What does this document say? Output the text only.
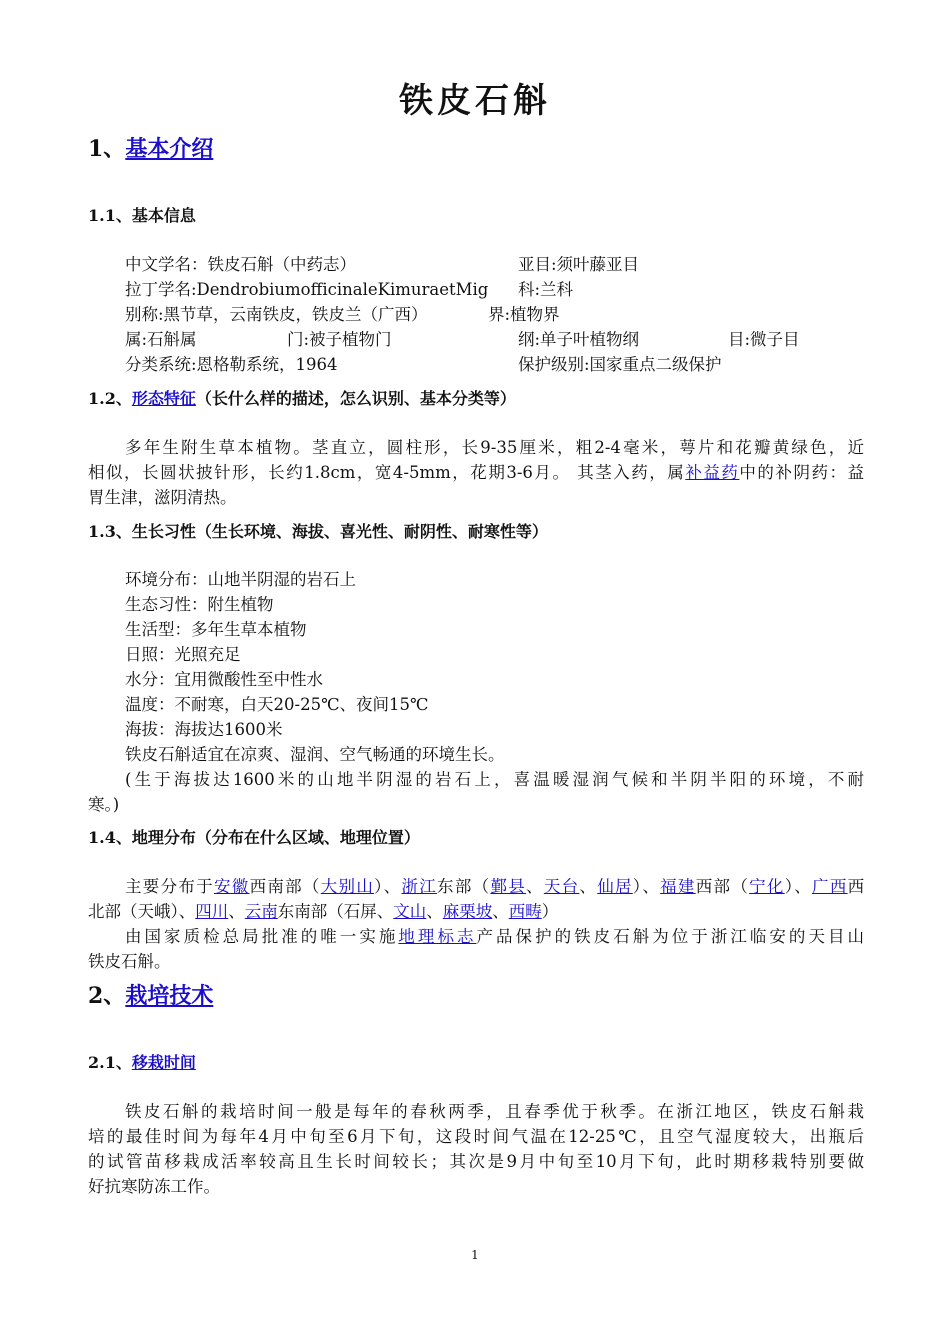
铁皮石斛
1、基本介绍
1.1、基本信息
中文学名：铁皮石斛（中药志）	亚目:须叶藤亚目
拉丁学名:DendrobiumofficinaleKimuraetMig 科:兰科
别称:黑节草，云南铁皮，铁皮兰（广西）	界:植物界
属:石斛属	门:被子植物门	纲:单子叶植物纲	目:微子目
分类系统:恩格勒系统，1964	保护级别:国家重点二级保护
1.2、形态特征（长什么样的描述，怎么识别、基本分类等）
多年生附生草本植物。茎直立，圆柱形，长9-35厘米，粗2-4毫米，萼片和花瓣黄绿色，近
相似，长圆状披针形，长约1.8cm，宽4-5mm，花期3-6月。 其茎入药，属补益药中的补阴药：益
胃生津，滋阴清热。
1.3、生长习性（生长环境、海拔、喜光性、耐阴性、耐寒性等）
环境分布：山地半阴湿的岩石上
生态习性：附生植物
生活型：多年生草本植物
日照：光照充足
水分：宜用微酸性至中性水
温度：不耐寒，白天20-25℃、夜间15℃
海拔：海拔达1600米
铁皮石斛适宜在凉爽、湿润、空气畅通的环境生长。
(生于海拔达1600米的山地半阴湿的岩石上，喜温暖湿润气候和半阴半阳的环境，不耐
寒。)
1.4、地理分布（分布在什么区域、地理位置）
主要分布于安徽西南部（大别山）、浙江东部（鄞县、天台、仙居）、福建西部（宁化）、广西西
北部（天峨）、四川、云南东南部（石屏、文山、麻栗坡、西畴）
由国家质检总局批准的唯一实施地理标志产品保护的铁皮石斛为位于浙江临安的天目山
铁皮石斛。
2、栽培技术
2.1、移栽时间
铁皮石斛的栽培时间一般是每年的春秋两季，且春季优于秋季。在浙江地区，铁皮石斛栽
培的最佳时间为每年4月中旬至6月下旬，这段时间气温在12-25℃，且空气湿度较大，出瓶后
的试管苗移栽成活率较高且生长时间较长；其次是9月中旬至10月下旬，此时期移栽特别要做
好抗寒防冻工作。
1
